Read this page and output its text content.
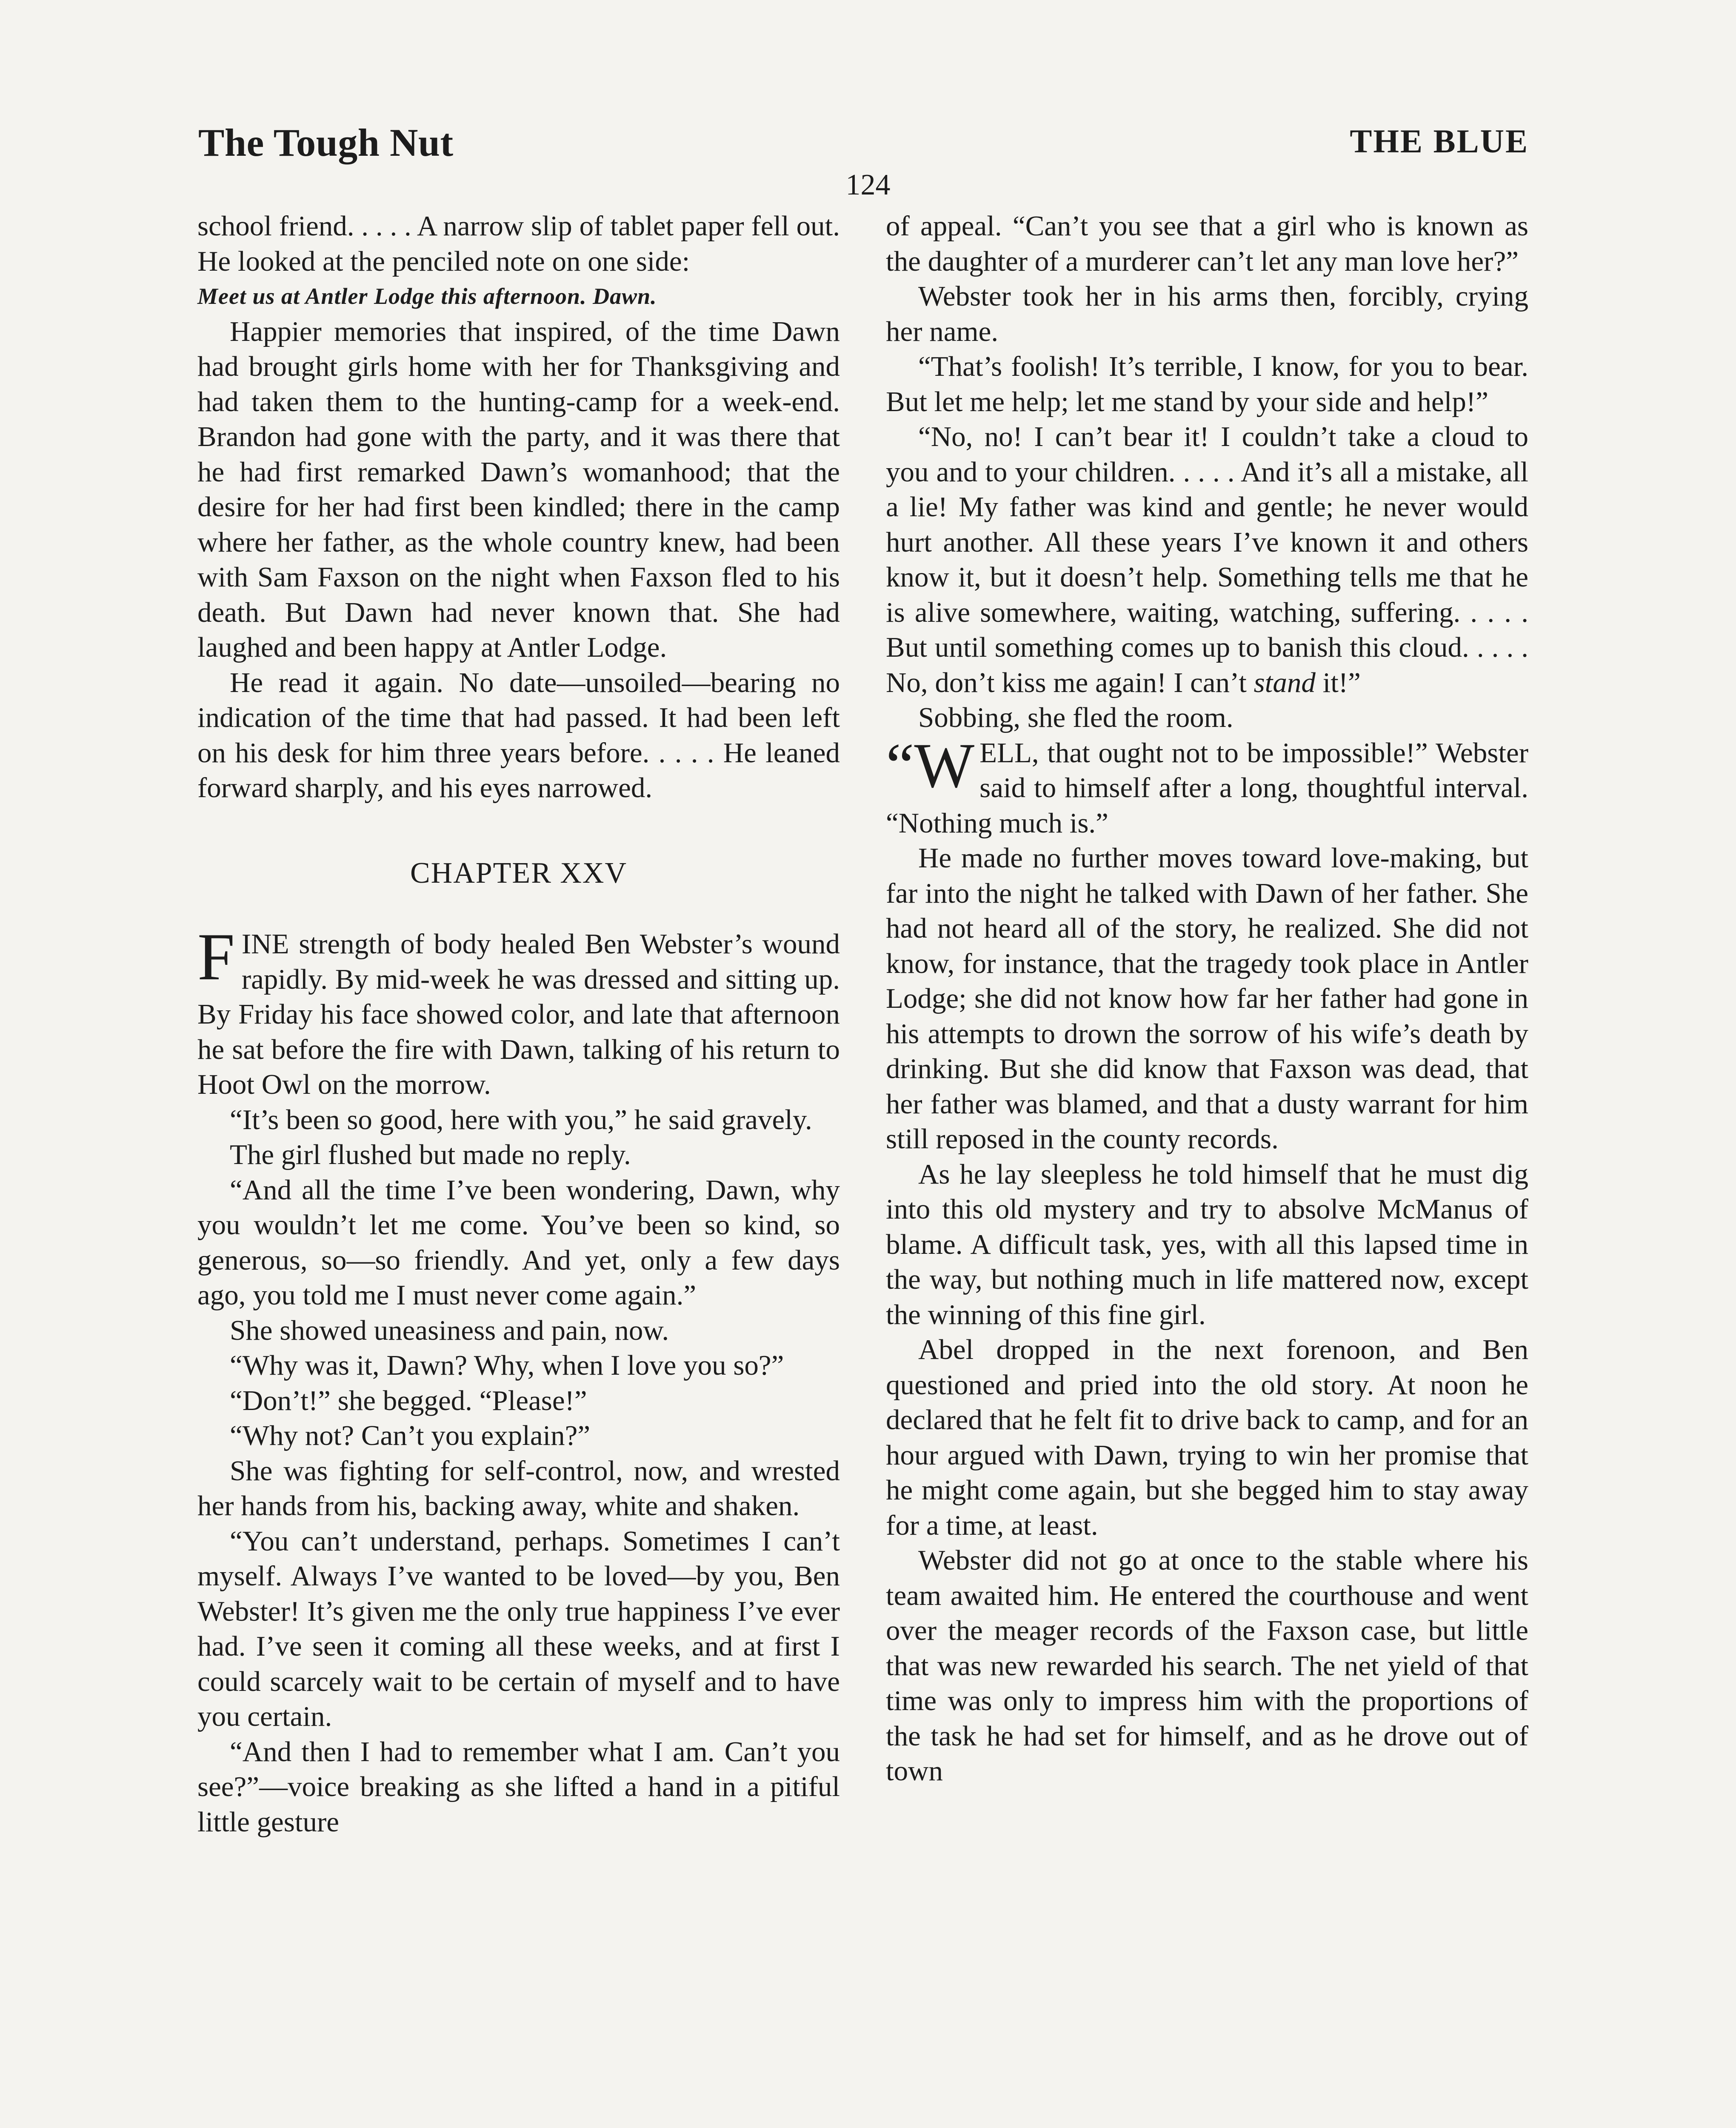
The Tough Nut	THE BLUE
124

school friend. . . . . A narrow slip of tablet paper fell out. He looked at the penciled note on one side:

Meet us at Antler Lodge this afternoon. Dawn.

Happier memories that inspired, of the time Dawn had brought girls home with her for Thanksgiving and had taken them to the hunting-camp for a week-end. Brandon had gone with the party, and it was there that he had first remarked Dawn’s womanhood; that the desire for her had first been kindled; there in the camp where her father, as the whole country knew, had been with Sam Faxson on the night when Faxson fled to his death. But Dawn had never known that. She had laughed and been happy at Antler Lodge.

He read it again. No date—unsoiled—bearing no indication of the time that had passed. It had been left on his desk for him three years before. . . . . He leaned forward sharply, and his eyes narrowed.

CHAPTER XXV

FINE strength of body healed Ben Webster’s wound rapidly. By mid-week he was dressed and sitting up. By Friday his face showed color, and late that afternoon he sat before the fire with Dawn, talking of his return to Hoot Owl on the morrow.

“It’s been so good, here with you,” he said gravely.

The girl flushed but made no reply.

“And all the time I’ve been wondering, Dawn, why you wouldn’t let me come. You’ve been so kind, so generous, so—so friendly. And yet, only a few days ago, you told me I must never come again.”

She showed uneasiness and pain, now.

“Why was it, Dawn? Why, when I love you so?”

“Don’t!” she begged. “Please!”

“Why not? Can’t you explain?”

She was fighting for self-control, now, and wrested her hands from his, backing away, white and shaken.

“You can’t understand, perhaps. Sometimes I can’t myself. Always I’ve wanted to be loved—by you, Ben Webster! It’s given me the only true happiness I’ve ever had. I’ve seen it coming all these weeks, and at first I could scarcely wait to be certain of myself and to have you certain.

“And then I had to remember what I am. Can’t you see?”—voice breaking as she lifted a hand in a pitiful little gesture

of appeal. “Can’t you see that a girl who is known as the daughter of a murderer can’t let any man love her?”

Webster took her in his arms then, forcibly, crying her name.

“That’s foolish! It’s terrible, I know, for you to bear. But let me help; let me stand by your side and help!”

“No, no! I can’t bear it! I couldn’t take a cloud to you and to your children. . . . . And it’s all a mistake, all a lie! My father was kind and gentle; he never would hurt another. All these years I’ve known it and others know it, but it doesn’t help. Something tells me that he is alive somewhere, waiting, watching, suffering. . . . . But until something comes up to banish this cloud. . . . . No, don’t kiss me again! I can’t stand it!”

Sobbing, she fled the room.

“W ELL, that ought not to be impossible!” Webster said to himself after a long, thoughtful interval. “Nothing much is.”

He made no further moves toward love-making, but far into the night he talked with Dawn of her father. She had not heard all of the story, he realized. She did not know, for instance, that the tragedy took place in Antler Lodge; she did not know how far her father had gone in his attempts to drown the sorrow of his wife’s death by drinking. But she did know that Faxson was dead, that her father was blamed, and that a dusty warrant for him still reposed in the county records.

As he lay sleepless he told himself that he must dig into this old mystery and try to absolve McManus of blame. A difficult task, yes, with all this lapsed time in the way, but nothing much in life mattered now, except the winning of this fine girl.

Abel dropped in the next forenoon, and Ben questioned and pried into the old story. At noon he declared that he felt fit to drive back to camp, and for an hour argued with Dawn, trying to win her promise that he might come again, but she begged him to stay away for a time, at least.

Webster did not go at once to the stable where his team awaited him. He entered the courthouse and went over the meager records of the Faxson case, but little that was new rewarded his search. The net yield of that time was only to impress him with the proportions of the task he had set for himself, and as he drove out of town
